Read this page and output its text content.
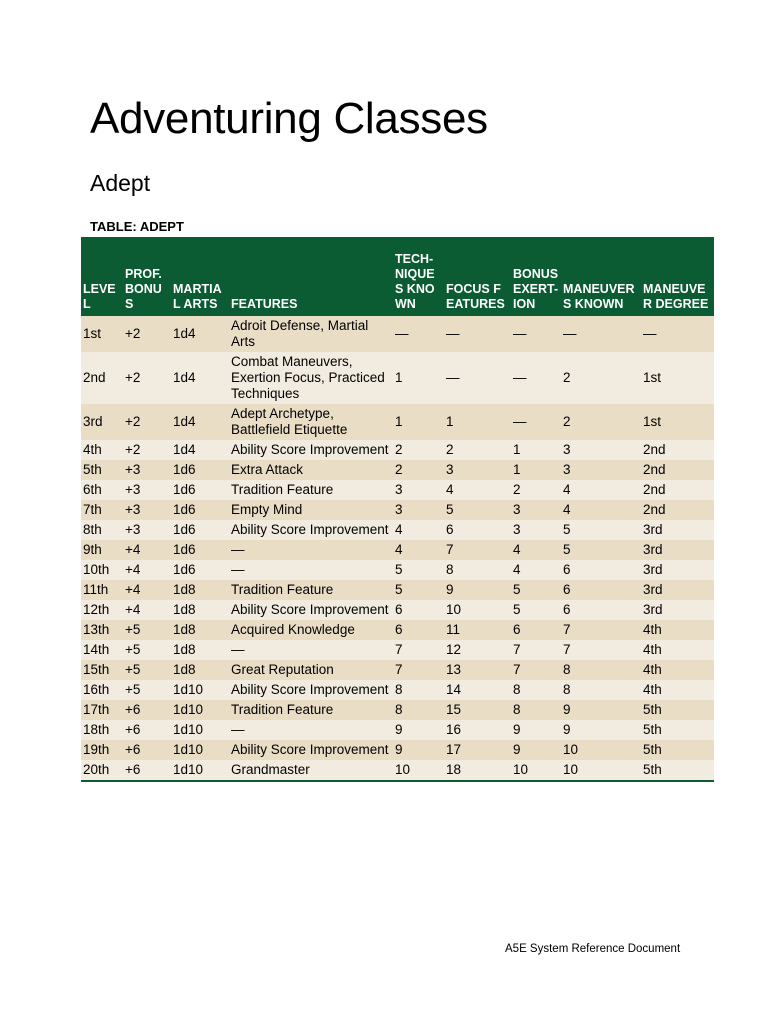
Adventuring Classes
Adept
TABLE: ADEPT
LEVEL	PROF. BONUS	MARTIAL ARTS	FEATURES	TECH-NIQUES KNOWN	FOCUS FEATURES	BONUS EXERT-ION	MANEUVERS KNOWN	MANEUVER DEGREE
1st	+2	1d4	Adroit Defense, Martial Arts	—	—	—	—	—
2nd	+2	1d4	Combat Maneuvers, Exertion Focus, Practiced Techniques	1	—	—	2	1st
3rd	+2	1d4	Adept Archetype, Battlefield Etiquette	1	1	—	2	1st
4th	+2	1d4	Ability Score Improvement	2	2	1	3	2nd
5th	+3	1d6	Extra Attack	2	3	1	3	2nd
6th	+3	1d6	Tradition Feature	3	4	2	4	2nd
7th	+3	1d6	Empty Mind	3	5	3	4	2nd
8th	+3	1d6	Ability Score Improvement	4	6	3	5	3rd
9th	+4	1d6	—	4	7	4	5	3rd
10th	+4	1d6	—	5	8	4	6	3rd
11th	+4	1d8	Tradition Feature	5	9	5	6	3rd
12th	+4	1d8	Ability Score Improvement	6	10	5	6	3rd
13th	+5	1d8	Acquired Knowledge	6	11	6	7	4th
14th	+5	1d8	—	7	12	7	7	4th
15th	+5	1d8	Great Reputation	7	13	7	8	4th
16th	+5	1d10	Ability Score Improvement	8	14	8	8	4th
17th	+6	1d10	Tradition Feature	8	15	8	9	5th
18th	+6	1d10	—	9	16	9	9	5th
19th	+6	1d10	Ability Score Improvement	9	17	9	10	5th
20th	+6	1d10	Grandmaster	10	18	10	10	5th
A5E System Reference Document
